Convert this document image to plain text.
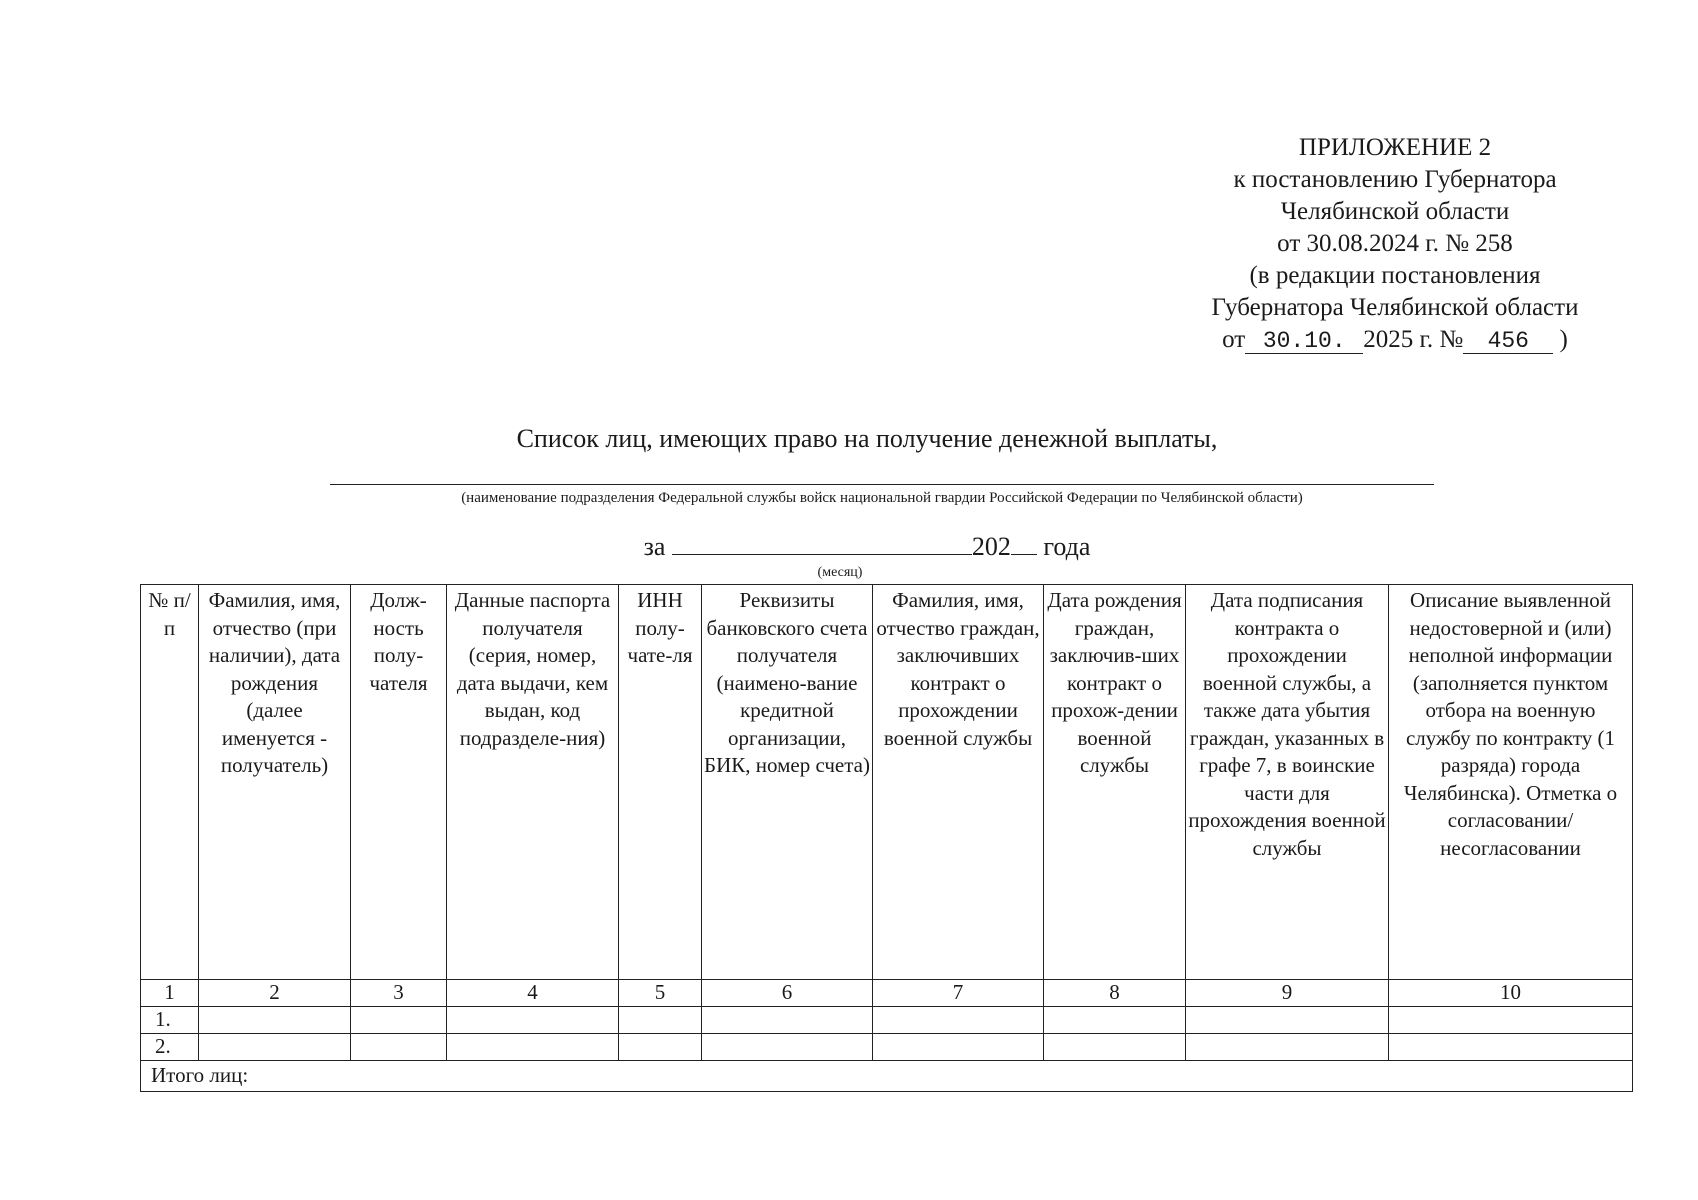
ПРИЛОЖЕНИЕ 2
к постановлению Губернатора
Челябинской области
от 30.08.2024 г. № 258
(в редакции постановления
Губернатора Челябинской области
от 30.10. 2025 г. № 456 )
Список лиц, имеющих право на получение денежной выплаты,
(наименование подразделения Федеральной службы войск национальной гвардии Российской Федерации по Челябинской области)
за	202 года
(месяц)
№ п/п	Фамилия, имя, отчество (при наличии), дата рождения (далее именуется - получатель)	Долж-ность полу-чателя	Данные паспорта получателя (серия, номер, дата выдачи, кем выдан, код подразделе-ния)	ИНН полу-чате-ля	Реквизиты банковского счета получателя (наимено-вание кредитной организации, БИК, номер счета)	Фамилия, имя, отчество граждан, заключивших контракт о прохождении военной службы	Дата рождения граждан, заключив-ших контракт о прохож-дении военной службы	Дата подписания контракта о прохождении военной службы, а также дата убытия граждан, указанных в графе 7, в воинские части для прохождения военной службы	Описание выявленной недостоверной и (или) неполной информации (заполняется пунктом отбора на военную службу по контракту (1 разряда) города Челябинска). Отметка о согласовании/ несогласовании
1	2	3	4	5	6	7	8	9	10
1.									
2.									
Итого лиц:									
